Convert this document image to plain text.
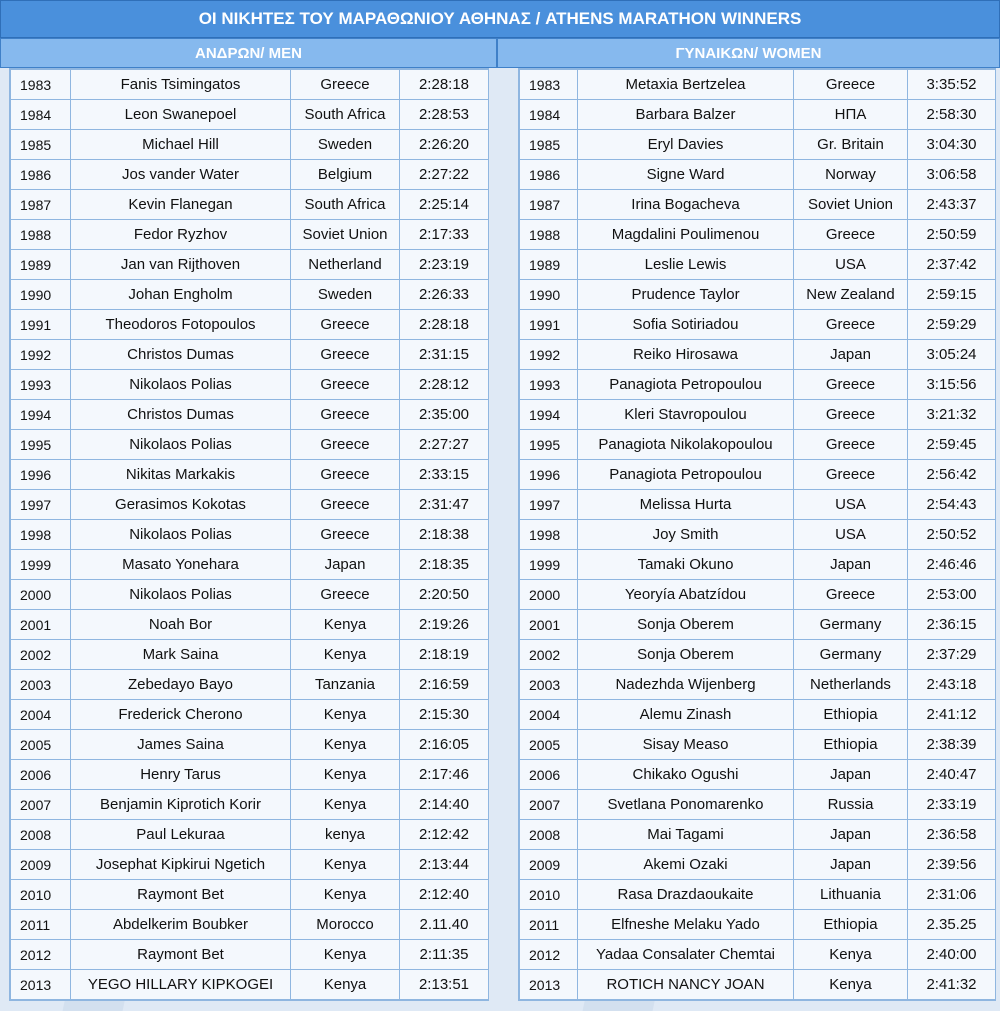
ΟΙ ΝΙΚΗΤΕΣ ΤΟΥ ΜΑΡΑΘΩΝΙΟΥ ΑΘΗΝΑΣ / ATHENS MARATHON WINNERS
ΑΝΔΡΩΝ/ MEN	ΓΥΝΑΙΚΩΝ/ WOMEN
1983	Fanis Tsimingatos	Greece	2:28:18
1984	Leon Swanepoel	South Africa	2:28:53
1985	Michael Hill	Sweden	2:26:20
1986	Jos vander Water	Belgium	2:27:22
1987	Kevin Flanegan	South Africa	2:25:14
1988	Fedor Ryzhov	Soviet Union	2:17:33
1989	Jan van Rijthoven	Netherland	2:23:19
1990	Johan Engholm	Sweden	2:26:33
1991	Theodoros Fotopoulos	Greece	2:28:18
1992	Christos Dumas	Greece	2:31:15
1993	Nikolaos Polias	Greece	2:28:12
1994	Christos Dumas	Greece	2:35:00
1995	Nikolaos Polias	Greece	2:27:27
1996	Nikitas Markakis	Greece	2:33:15
1997	Gerasimos Kokotas	Greece	2:31:47
1998	Nikolaos Polias	Greece	2:18:38
1999	Masato Yonehara	Japan	2:18:35
2000	Nikolaos Polias	Greece	2:20:50
2001	Noah Bor	Kenya	2:19:26
2002	Mark Saina	Kenya	2:18:19
2003	Zebedayo Bayo	Tanzania	2:16:59
2004	Frederick Cherono	Kenya	2:15:30
2005	James Saina	Kenya	2:16:05
2006	Henry Tarus	Kenya	2:17:46
2007	Benjamin Kiprotich Korir	Kenya	2:14:40
2008	Paul Lekuraa	kenya	2:12:42
2009	Josephat Kipkirui Ngetich	Kenya	2:13:44
2010	Raymont Bet	Kenya	2:12:40
2011	Abdelkerim Boubker	Morocco	2.11.40
2012	Raymont Bet	Kenya	2:11:35
2013	YEGO HILLARY KIPKOGEI	Kenya	2:13:51
1983	Metaxia Bertzelea	Greece	3:35:52
1984	Barbara Balzer	ΗΠΑ	2:58:30
1985	Eryl Davies	Gr. Britain	3:04:30
1986	Signe Ward	Norway	3:06:58
1987	Irina Bogacheva	Soviet Union	2:43:37
1988	Magdalini Poulimenou	Greece	2:50:59
1989	Leslie Lewis	USA	2:37:42
1990	Prudence Taylor	New Zealand	2:59:15
1991	Sofia Sotiriadou	Greece	2:59:29
1992	Reiko Hirosawa	Japan	3:05:24
1993	Panagiota Petropoulou	Greece	3:15:56
1994	Kleri Stavropoulou	Greece	3:21:32
1995	Panagiota Nikolakopoulou	Greece	2:59:45
1996	Panagiota Petropoulou	Greece	2:56:42
1997	Melissa Hurta	USA	2:54:43
1998	Joy Smith	USA	2:50:52
1999	Tamaki Okuno	Japan	2:46:46
2000	Yeoryía Abatzídou	Greece	2:53:00
2001	Sonja Oberem	Germany	2:36:15
2002	Sonja Oberem	Germany	2:37:29
2003	Nadezhda Wijenberg	Netherlands	2:43:18
2004	Alemu Zinash	Ethiopia	2:41:12
2005	Sisay Measo	Ethiopia	2:38:39
2006	Chikako Ogushi	Japan	2:40:47
2007	Svetlana Ponomarenko	Russia	2:33:19
2008	Mai Tagami	Japan	2:36:58
2009	Akemi Ozaki	Japan	2:39:56
2010	Rasa Drazdaoukaite	Lithuania	2:31:06
2011	Elfneshe Melaku Yado	Ethiopia	2.35.25
2012	Yadaa Consalater Chemtai	Kenya	2:40:00
2013	ROTICH NANCY JOAN	Kenya	2:41:32
